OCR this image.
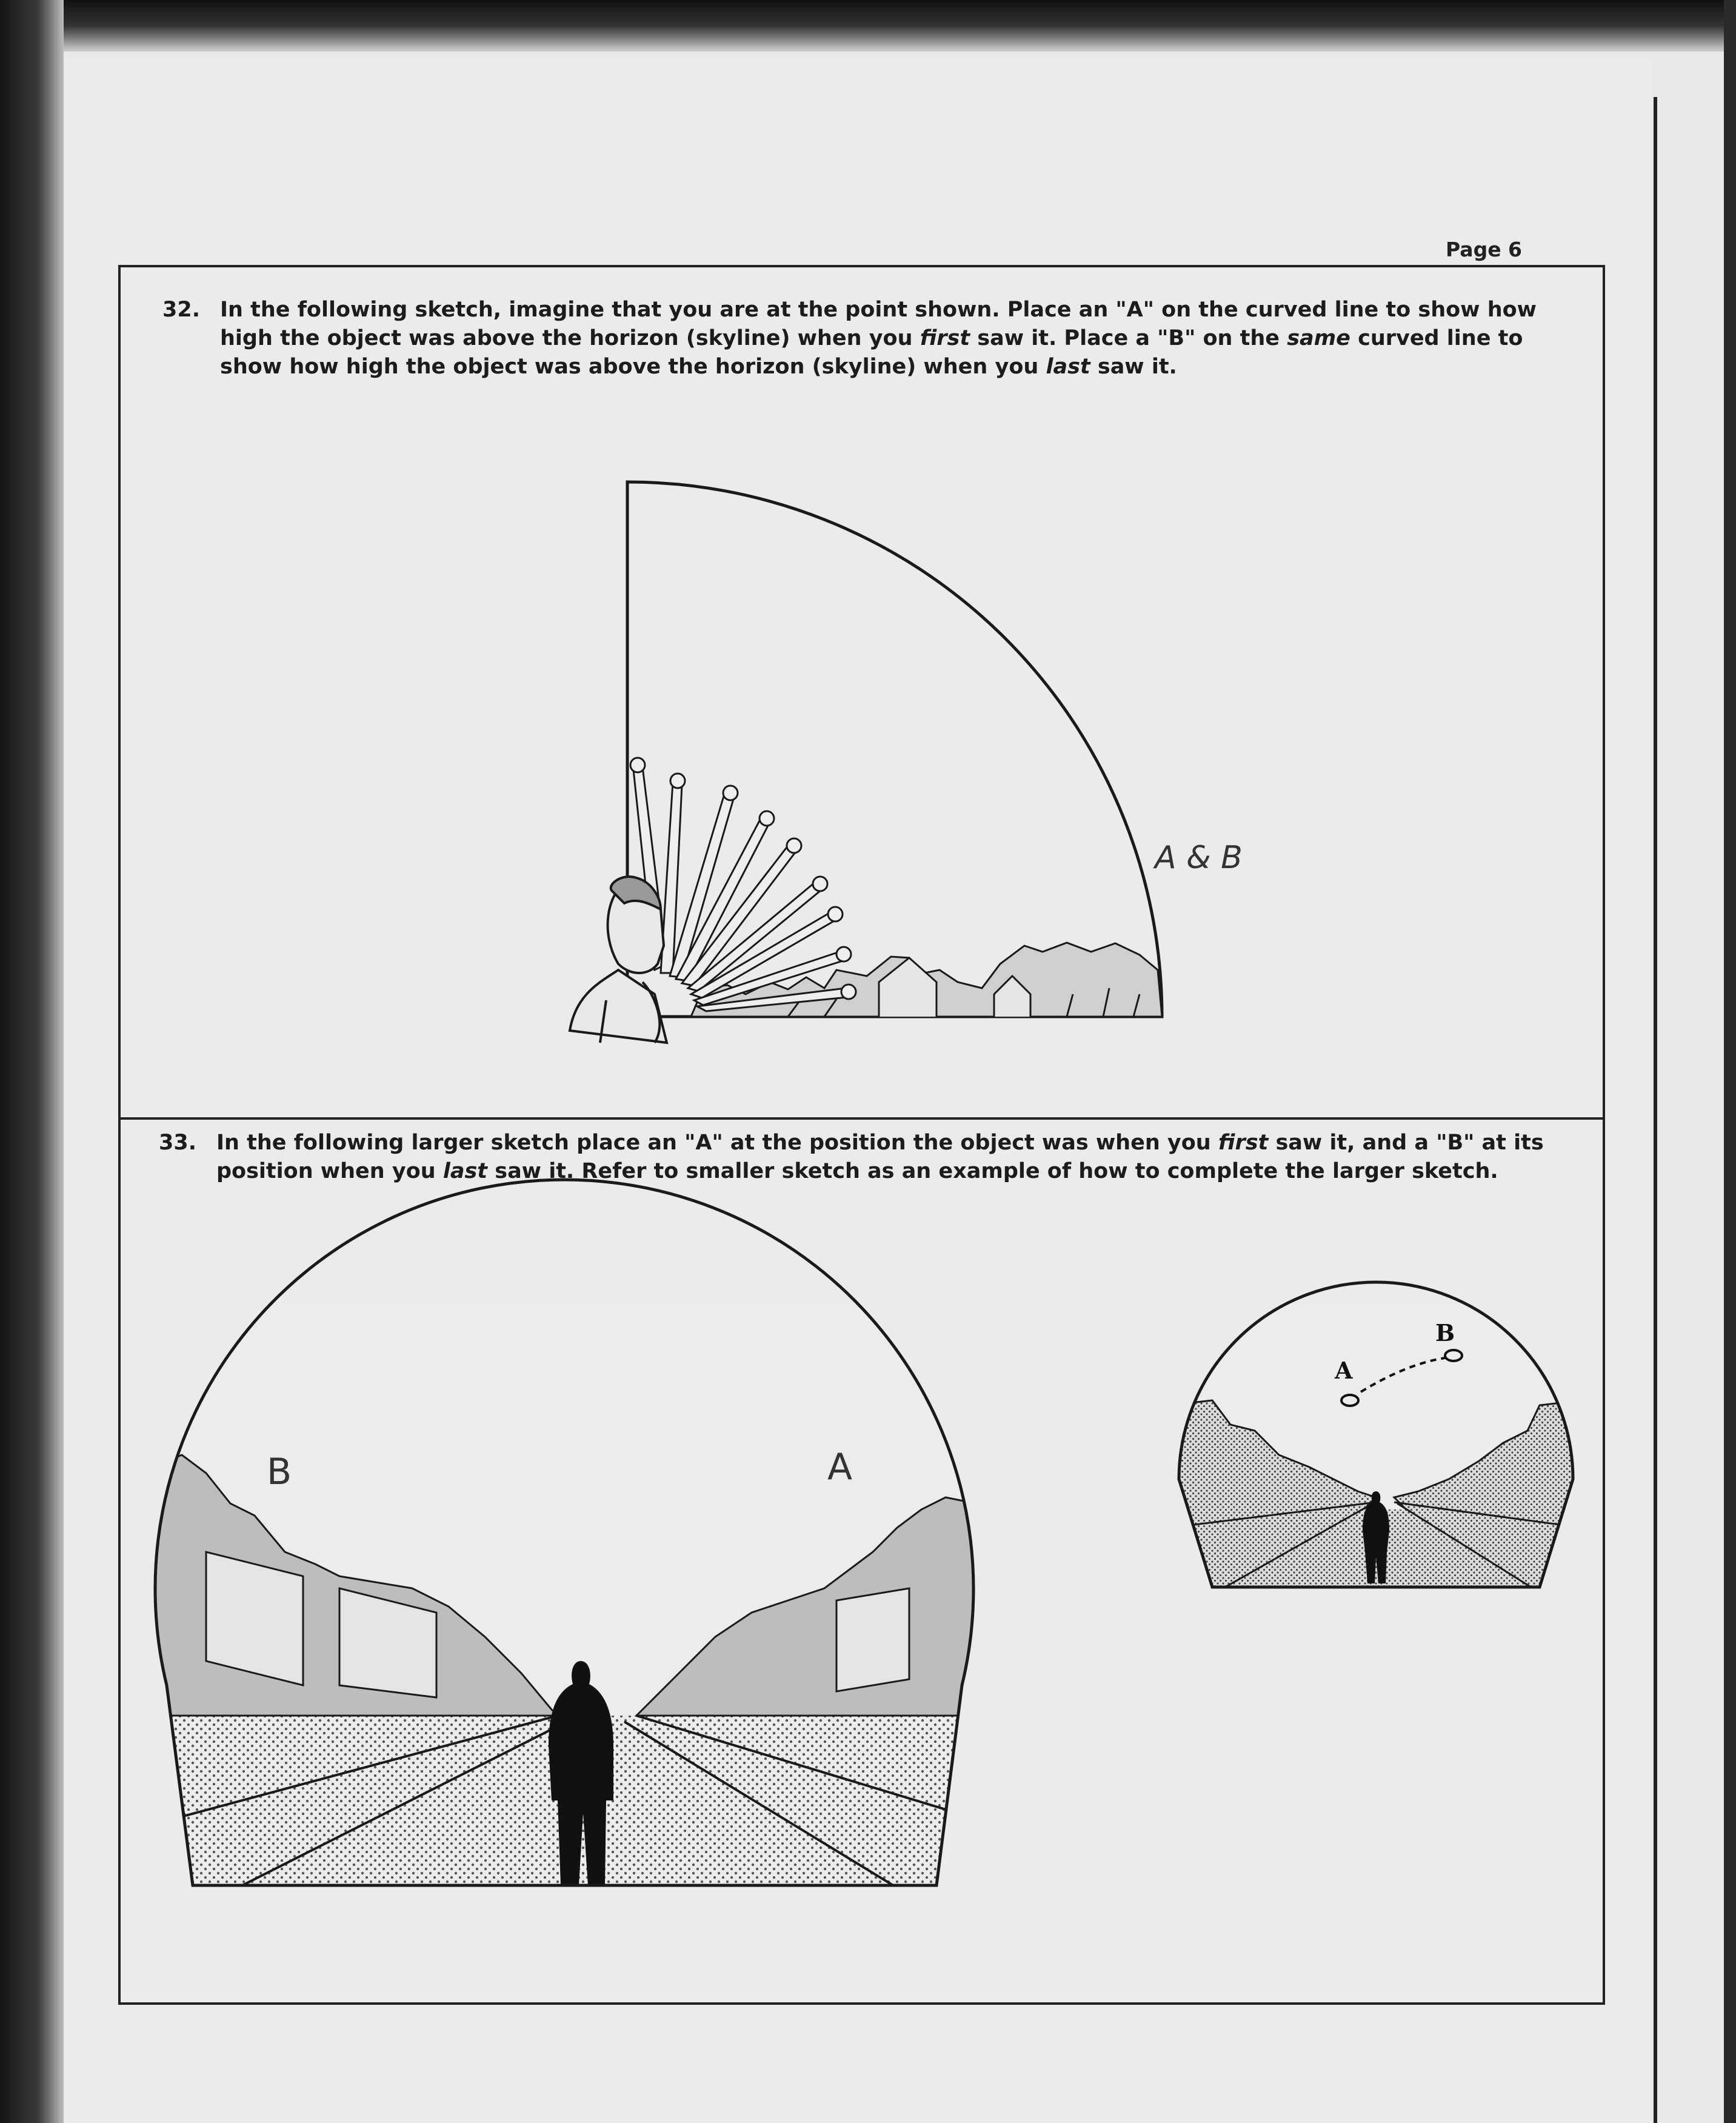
Page 6
32. In the following sketch, imagine that you are at the point shown. Place an "A" on the curved line to show how
high the object was above the horizon (skyline) when you first saw it. Place a "B" on the same curved line to
show how high the object was above the horizon (skyline) when you last saw it.
33. In the following larger sketch place an "A" at the position the object was when you first saw it, and a "B" at its
position when you last saw it. Refer to smaller sketch as an example of how to complete the larger sketch.
A & B
B	A
A
B
